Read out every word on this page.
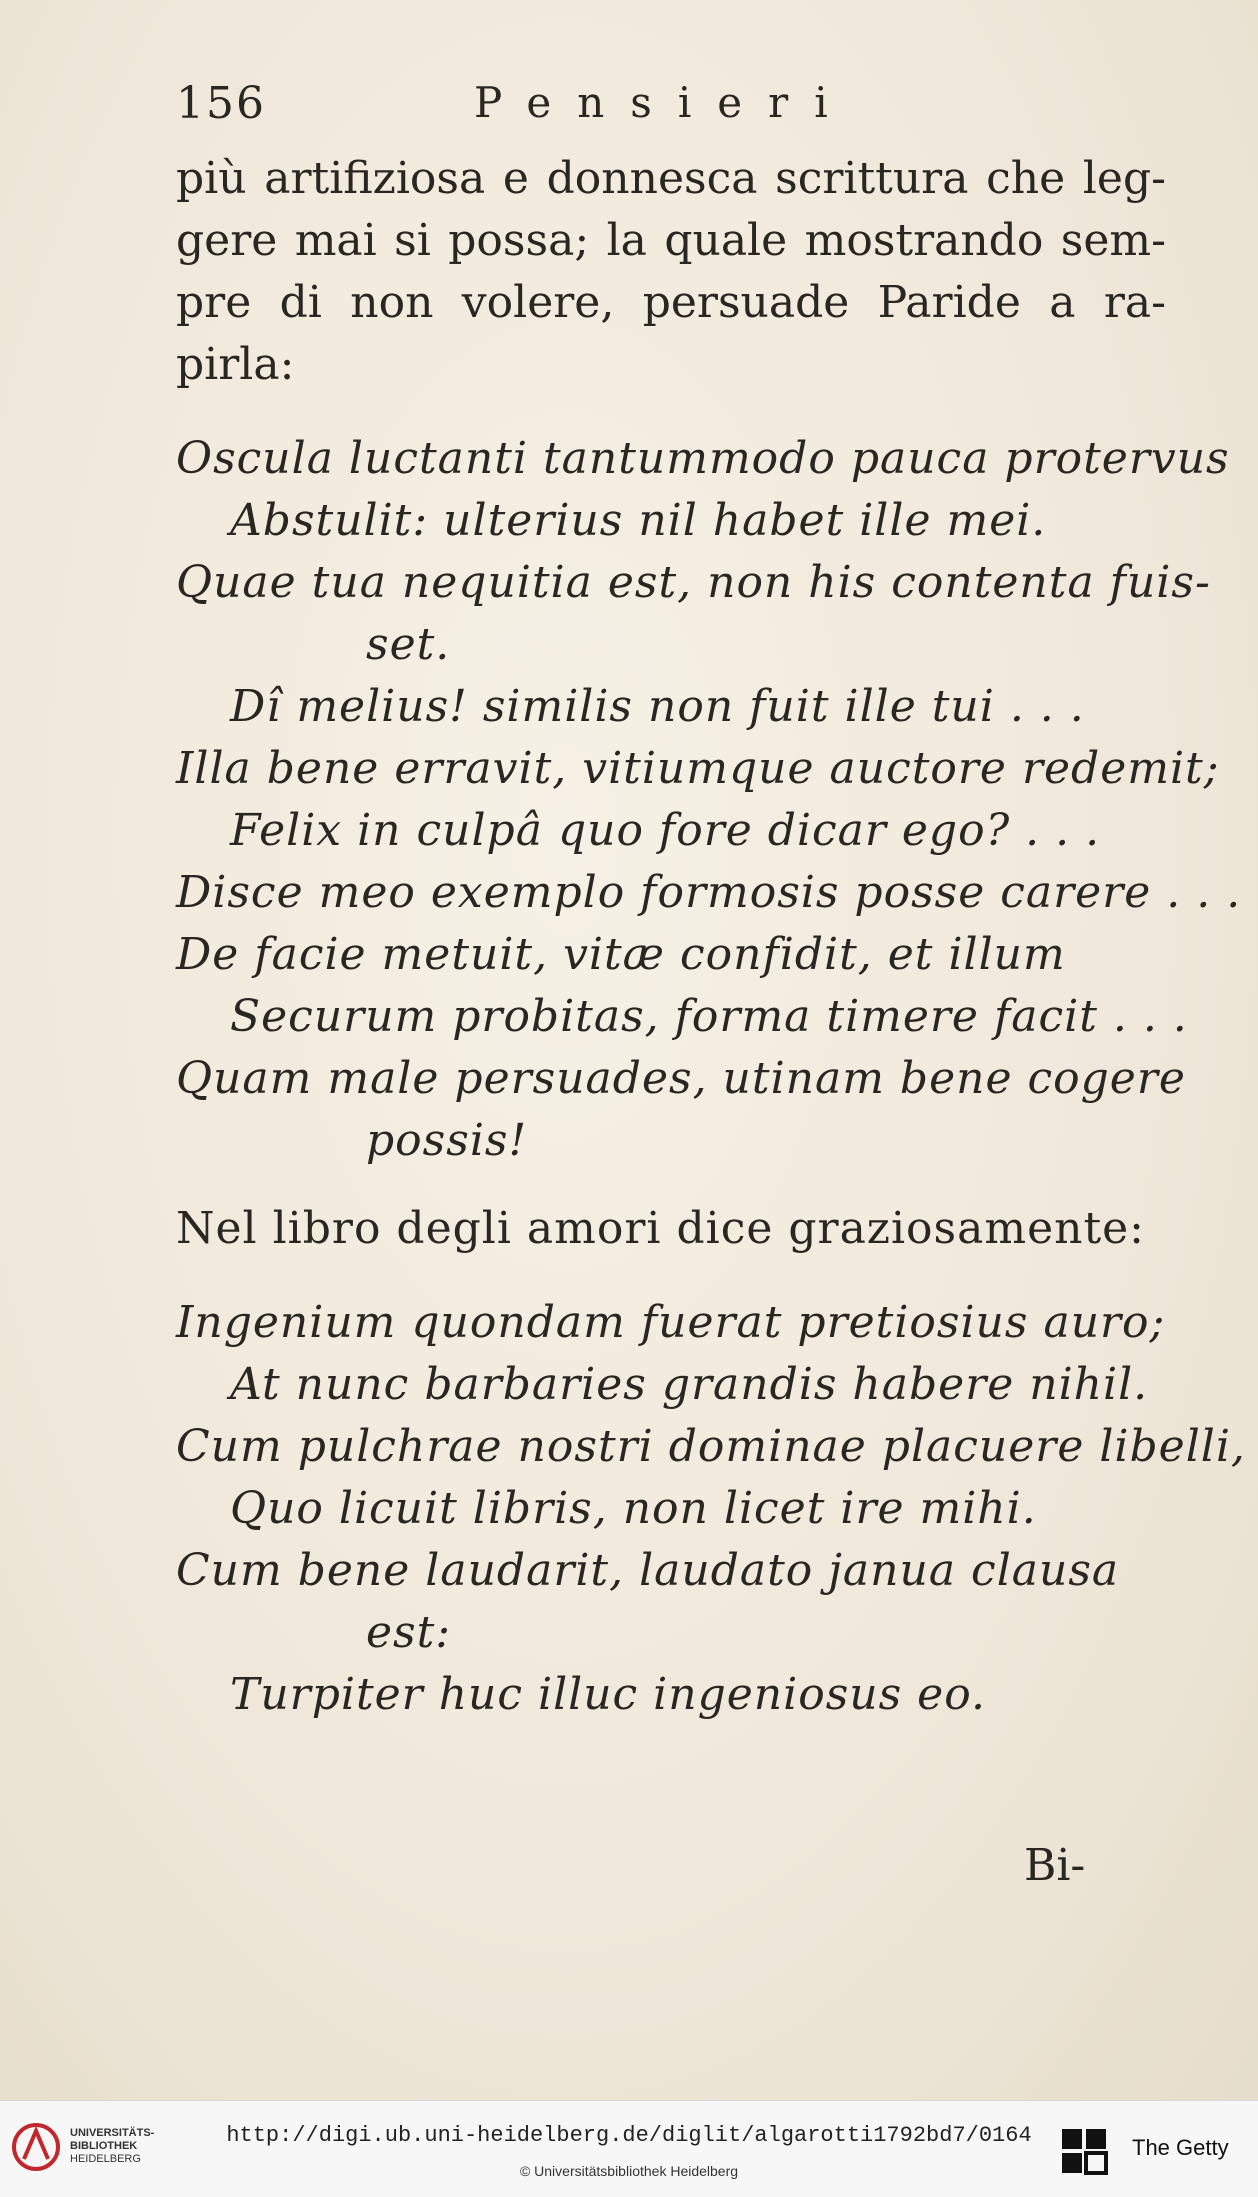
156	Pensieri
più artifiziosa e donnesca scrittura che leg-
gere mai si possa; la quale mostrando sem-
pre di non volere, persuade Paride a ra-
pirla:
Oscula luctanti tantummodo pauca protervus
Abstulit: ulterius nil habet ille mei.
Quae tua nequitia est, non his contenta fuis-
set.
Dî melius! similis non fuit ille tui . . .
Illa bene erravit, vitiumque auctore redemit;
Felix in culpâ quo fore dicar ego? . . .
Disce meo exemplo formosis posse carere . . .
De facie metuit, vitæ confidit, et illum
Securum probitas, forma timere facit . . .
Quam male persuades, utinam bene cogere
possis!
Nel libro degli amori dice graziosamente:
Ingenium quondam fuerat pretiosius auro;
At nunc barbaries grandis habere nihil.
Cum pulchrae nostri dominae placuere libelli,
Quo licuit libris, non licet ire mihi.
Cum bene laudarit, laudato janua clausa
est:
Turpiter huc illuc ingeniosus eo.
Bi-
UNIVERSITÄTS-
BIBLIOTHEK
HEIDELBERG
http://digi.ub.uni-heidelberg.de/diglit/algarotti1792bd7/0164
© Universitätsbibliothek Heidelberg
The Getty
